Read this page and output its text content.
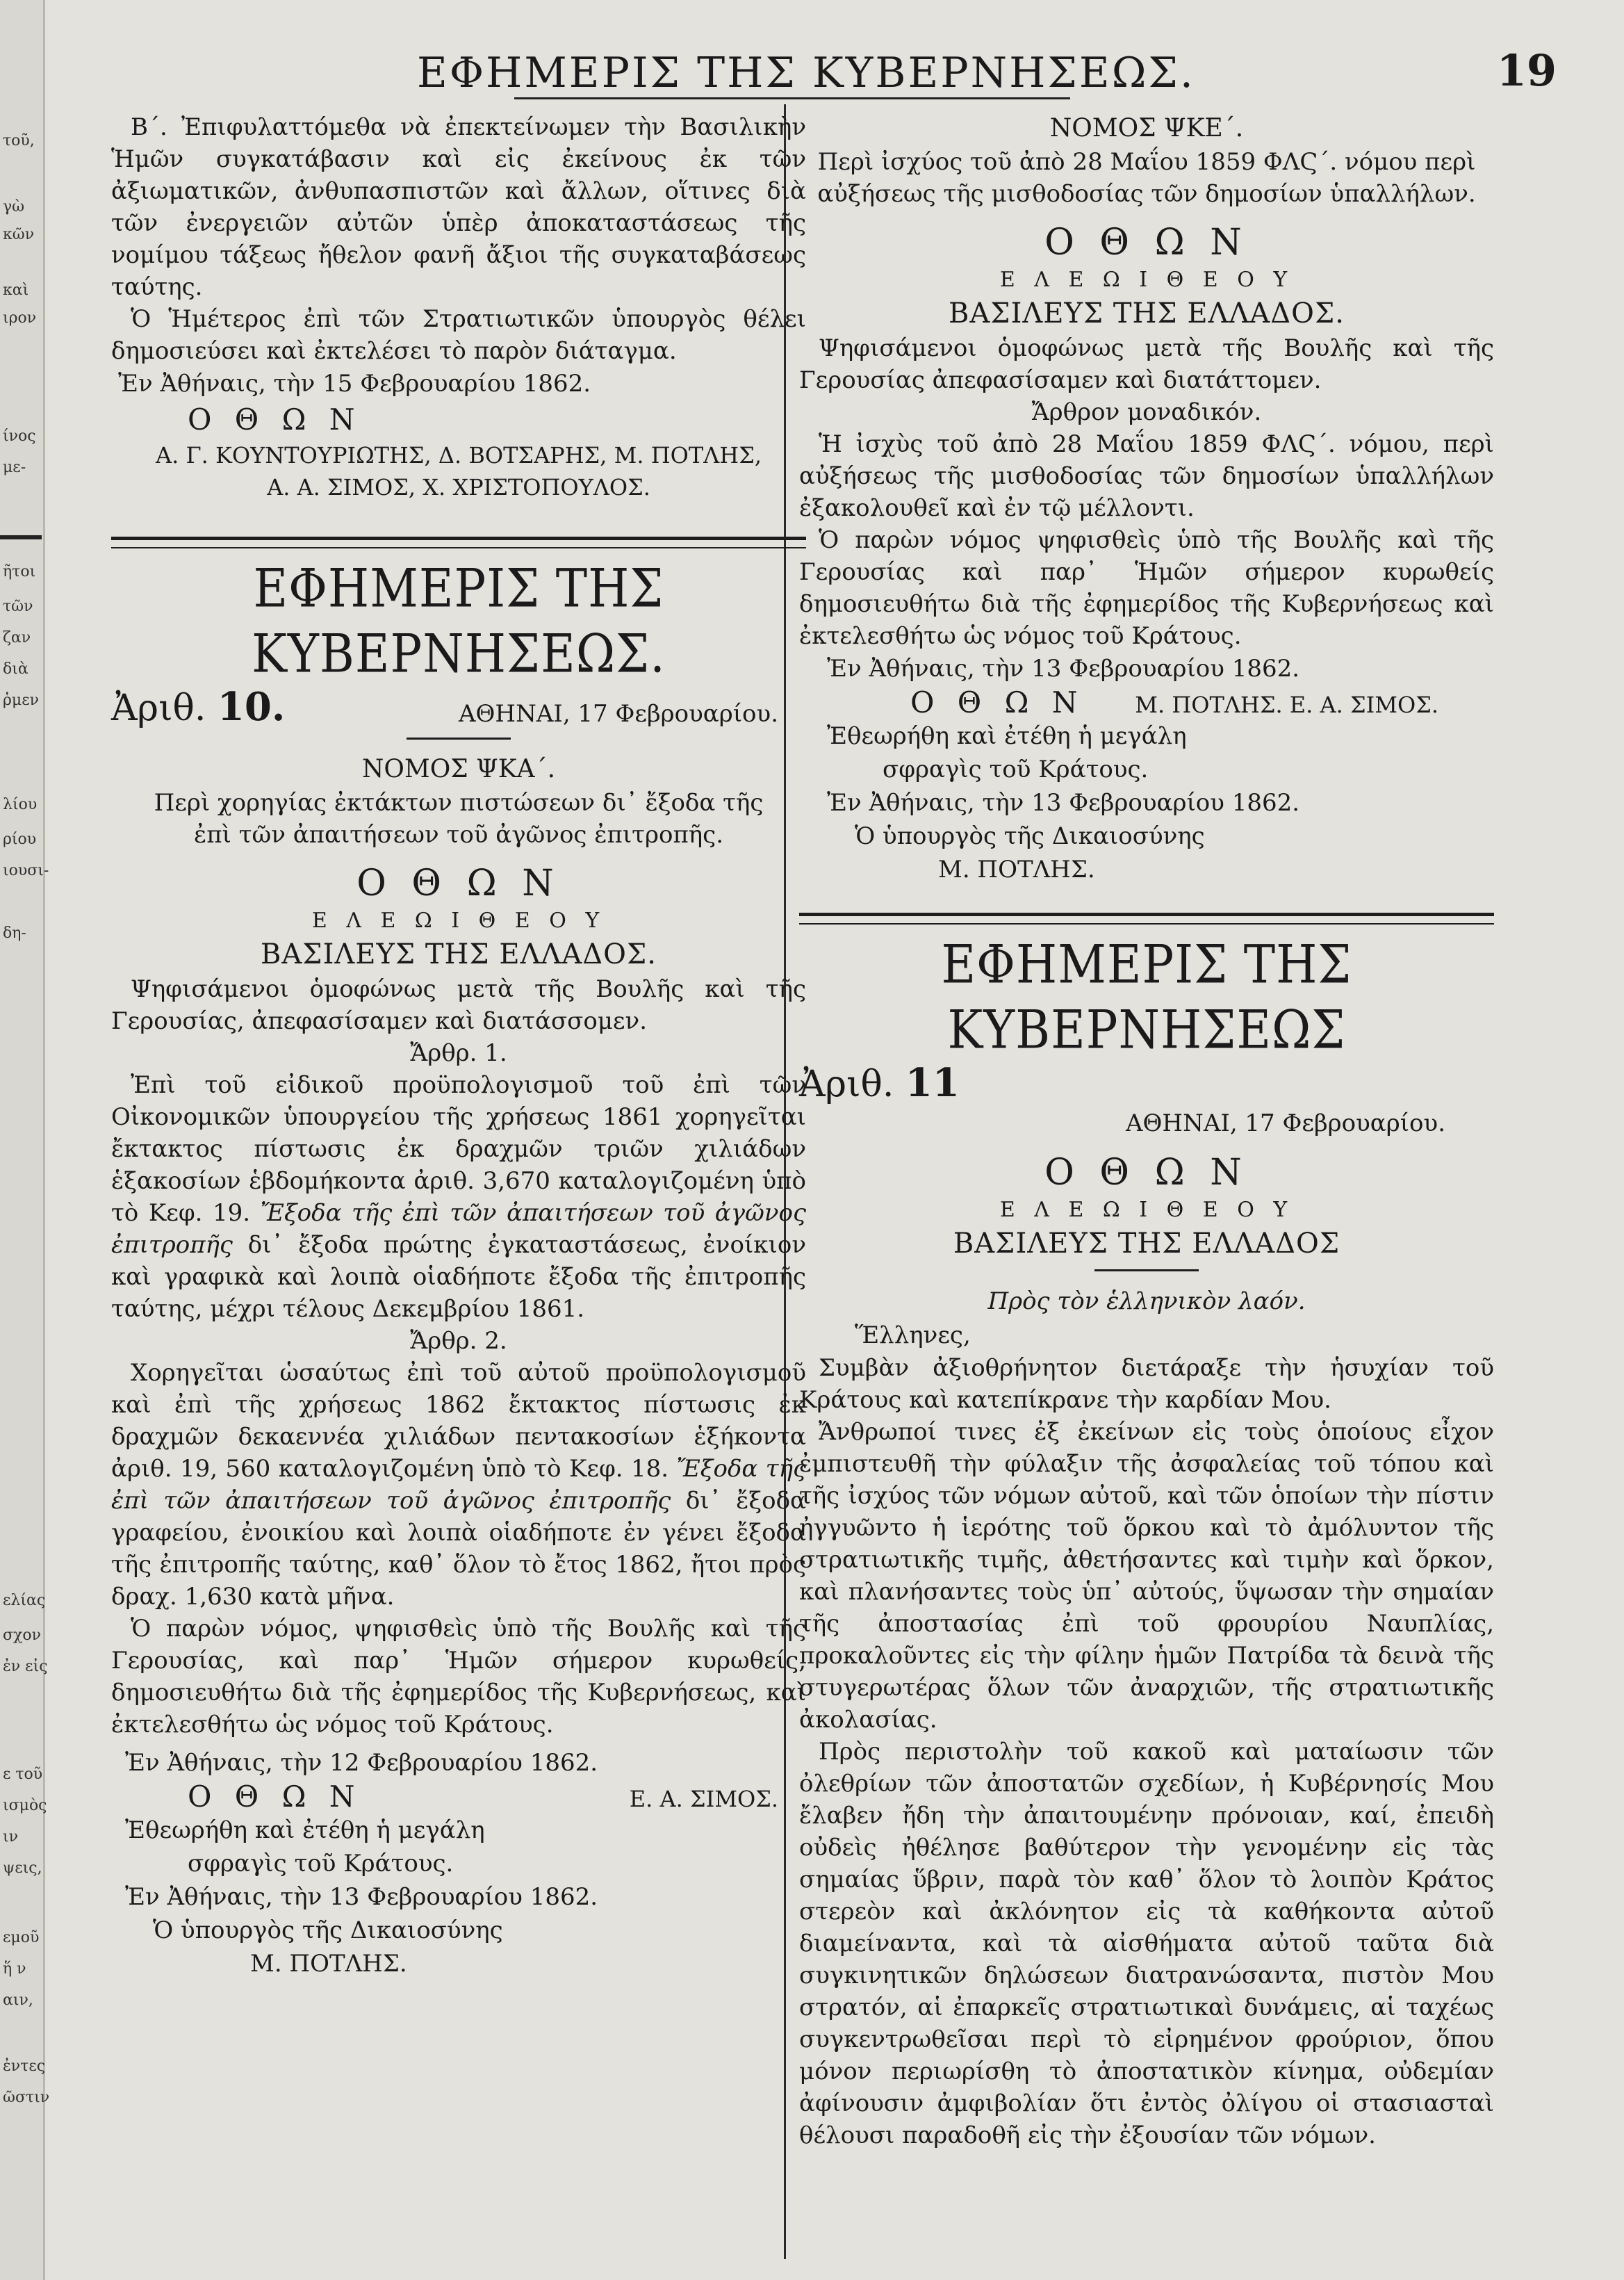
τοῦ,
γὼ
κῶν
καὶ
ιρον
ίνος
με-
ῆτοι
τῶν
ζαν
διὰ
ῥμεν
λίου
ρίου
ιουσι-
δη-
ελίας
σχον
ἐν εἰς
ε τοῦ
ισμὸς
ιν
ψεις,
εμοῦ
ἥ ν
αιν,
ἐντες
ῶστιν
ΕΦΗΜΕΡΙΣ ΤΗΣ ΚΥΒΕΡΝΗΣΕΩΣ.	19

Β΄. Ἐπιφυλαττόμεθα νὰ ἐπεκτείνωμεν τὴν Βασιλικὴν Ἡμῶν συγκατάβασιν καὶ εἰς ἐκείνους ἐκ τῶν ἀξιωματικῶν, ἀνθυπασπιστῶν καὶ ἄλλων, οἵτινες διὰ τῶν ἐνεργειῶν αὐτῶν ὑπὲρ ἀποκαταστάσεως τῆς νομίμου τάξεως ἤθελον φανῆ ἄξιοι τῆς συγκαταβάσεως ταύτης.

Ὁ Ἡμέτερος ἐπὶ τῶν Στρατιωτικῶν ὑπουργὸς θέλει δημοσιεύσει καὶ ἐκτελέσει τὸ παρὸν διάταγμα.

Ἐν Ἀθήναις, τὴν 15 Φεβρουαρίου 1862.

Ο Θ Ω Ν

Α. Γ. ΚΟΥΝΤΟΥΡΙΩΤΗΣ, Δ. ΒΟΤΣΑΡΗΣ, Μ. ΠΟΤΛΗΣ,

Α. Α. ΣΙΜΟΣ, Χ. ΧΡΙΣΤΟΠΟΥΛΟΣ.

ΕΦΗΜΕΡΙΣ ΤΗΣ ΚΥΒΕΡΝΗΣΕΩΣ.
Ἀριθ. 10.	ΑΘΗΝΑΙ, 17 Φεβρουαρίου.

ΝΟΜΟΣ ΨΚΑ΄.

Περὶ χορηγίας ἐκτάκτων πιστώσεων δι᾽ ἔξοδα τῆς ἐπὶ τῶν ἀπαιτήσεων τοῦ ἀγῶνος ἐπιτροπῆς.

Ο Θ Ω Ν

Ε Λ Ε Ω Ι Θ Ε Ο Υ

ΒΑΣΙΛΕΥΣ ΤΗΣ ΕΛΛΑΔΟΣ.

Ψηφισάμενοι ὁμοφώνως μετὰ τῆς Βουλῆς καὶ τῆς Γερουσίας, ἀπεφασίσαμεν καὶ διατάσσομεν.

Ἄρθρ. 1.

Ἐπὶ τοῦ εἰδικοῦ προϋπολογισμοῦ τοῦ ἐπὶ τῶν Οἰκονομικῶν ὑπουργείου τῆς χρήσεως 1861 χορηγεῖται ἔκτακτος πίστωσις ἐκ δραχμῶν τριῶν χιλιάδων ἑξακοσίων ἑβδομήκοντα ἀριθ. 3,670 καταλογιζομένη ὑπὸ τὸ Κεφ. 19. Ἔξοδα τῆς ἐπὶ τῶν ἀπαιτήσεων τοῦ ἀγῶνος ἐπιτροπῆς δι᾽ ἔξοδα πρώτης ἐγκαταστάσεως, ἐνοίκιον καὶ γραφικὰ καὶ λοιπὰ οἱαδήποτε ἔξοδα τῆς ἐπιτροπῆς ταύτης, μέχρι τέλους Δεκεμβρίου 1861.

Ἄρθρ. 2.

Χορηγεῖται ὡσαύτως ἐπὶ τοῦ αὐτοῦ προϋπολογισμοῦ καὶ ἐπὶ τῆς χρήσεως 1862 ἔκτακτος πίστωσις ἐκ δραχμῶν δεκαεννέα χιλιάδων πεντακοσίων ἑξήκοντα ἀριθ. 19, 560 καταλογιζομένη ὑπὸ τὸ Κεφ. 18. Ἔξοδα τῆς ἐπὶ τῶν ἀπαιτήσεων τοῦ ἀγῶνος ἐπιτροπῆς δι᾽ ἔξοδα γραφείου, ἐνοικίου καὶ λοιπὰ οἱαδήποτε ἐν γένει ἔξοδα τῆς ἐπιτροπῆς ταύτης, καθ᾽ ὅλον τὸ ἔτος 1862, ἤτοι πρὸς δραχ. 1,630 κατὰ μῆνα.

Ὁ παρὼν νόμος, ψηφισθεὶς ὑπὸ τῆς Βουλῆς καὶ τῆς Γερουσίας, καὶ παρ᾽ Ἡμῶν σήμερον κυρωθείς, δημοσιευθήτω διὰ τῆς ἐφημερίδος τῆς Κυβερνήσεως, καὶ ἐκτελεσθήτω ὡς νόμος τοῦ Κράτους.

Ἐν Ἀθήναις, τὴν 12 Φεβρουαρίου 1862.

Ο Θ Ω Ν	Ε. Α. ΣΙΜΟΣ.

Ἐθεωρήθη καὶ ἐτέθη ἡ μεγάλη

σφραγὶς τοῦ Κράτους.

Ἐν Ἀθήναις, τὴν 13 Φεβρουαρίου 1862.

Ὁ ὑπουργὸς τῆς Δικαιοσύνης

Μ. ΠΟΤΛΗΣ.

ΝΟΜΟΣ ΨΚΕ΄.

Περὶ ἰσχύος τοῦ ἀπὸ 28 Μαΐου 1859 ΦΛϚ΄. νόμου περὶ αὐξήσεως τῆς μισθοδοσίας τῶν δημοσίων ὑπαλλήλων.

Ο Θ Ω Ν

Ε Λ Ε Ω Ι Θ Ε Ο Υ

ΒΑΣΙΛΕΥΣ ΤΗΣ ΕΛΛΑΔΟΣ.

Ψηφισάμενοι ὁμοφώνως μετὰ τῆς Βουλῆς καὶ τῆς Γερουσίας ἀπεφασίσαμεν καὶ διατάττομεν.

Ἄρθρον μοναδικόν.

Ἡ ἰσχὺς τοῦ ἀπὸ 28 Μαΐου 1859 ΦΛϚ΄. νόμου, περὶ αὐξήσεως τῆς μισθοδοσίας τῶν δημοσίων ὑπαλλήλων ἐξακολουθεῖ καὶ ἐν τῷ μέλλοντι.

Ὁ παρὼν νόμος ψηφισθεὶς ὑπὸ τῆς Βουλῆς καὶ τῆς Γερουσίας καὶ παρ᾽ Ἡμῶν σήμερον κυρωθείς δημοσιευθήτω διὰ τῆς ἐφημερίδος τῆς Κυβερνήσεως καὶ ἐκτελεσθήτω ὡς νόμος τοῦ Κράτους.

Ἐν Ἀθήναις, τὴν 13 Φεβρουαρίου 1862.

Ο Θ Ω Ν Μ. ΠΟΤΛΗΣ. Ε. Α. ΣΙΜΟΣ.

Ἐθεωρήθη καὶ ἐτέθη ἡ μεγάλη

σφραγὶς τοῦ Κράτους.

Ἐν Ἀθήναις, τὴν 13 Φεβρουαρίου 1862.

Ὁ ὑπουργὸς τῆς Δικαιοσύνης

Μ. ΠΟΤΛΗΣ.

ΕΦΗΜΕΡΙΣ ΤΗΣ ΚΥΒΕΡΝΗΣΕΩΣ
Ἀριθ. 11
ΑΘΗΝΑΙ, 17 Φεβρουαρίου.

Ο Θ Ω Ν

Ε Λ Ε Ω Ι Θ Ε Ο Υ

ΒΑΣΙΛΕΥΣ ΤΗΣ ΕΛΛΑΔΟΣ

Πρὸς τὸν ἑλληνικὸν λαόν.

Ἕλληνες,

Συμβὰν ἀξιοθρήνητον διετάραξε τὴν ἡσυχίαν τοῦ Κράτους καὶ κατεπίκρανε τὴν καρδίαν Μου.

Ἄνθρωποί τινες ἐξ ἐκείνων εἰς τοὺς ὁποίους εἶχον ἐμπιστευθῆ τὴν φύλαξιν τῆς ἀσφαλείας τοῦ τόπου καὶ τῆς ἰσχύος τῶν νόμων αὐτοῦ, καὶ τῶν ὁποίων τὴν πίστιν ἠγγυῶντο ἡ ἱερότης τοῦ ὅρκου καὶ τὸ ἀμόλυντον τῆς στρατιωτικῆς τιμῆς, ἀθετήσαντες καὶ τιμὴν καὶ ὅρκον, καὶ πλανήσαντες τοὺς ὑπ᾽ αὐτούς, ὕψωσαν τὴν σημαίαν τῆς ἀποστασίας ἐπὶ τοῦ φρουρίου Ναυπλίας, προκαλοῦντες εἰς τὴν φίλην ἡμῶν Πατρίδα τὰ δεινὰ τῆς στυγερωτέρας ὅλων τῶν ἀναρχιῶν, τῆς στρατιωτικῆς ἀκολασίας.

Πρὸς περιστολὴν τοῦ κακοῦ καὶ ματαίωσιν τῶν ὀλεθρίων τῶν ἀποστατῶν σχεδίων, ἡ Κυβέρνησίς Μου ἔλαβεν ἤδη τὴν ἀπαιτουμένην πρόνοιαν, καί, ἐπειδὴ οὐδεὶς ἠθέλησε βαθύτερον τὴν γενομένην εἰς τὰς σημαίας ὕβριν, παρὰ τὸν καθ᾽ ὅλον τὸ λοιπὸν Κράτος στερεὸν καὶ ἀκλόνητον εἰς τὰ καθήκοντα αὐτοῦ διαμείναντα, καὶ τὰ αἰσθήματα αὐτοῦ ταῦτα διὰ συγκινητικῶν δηλώσεων διατρανώσαντα, πιστὸν Μου στρατόν, αἱ ἐπαρκεῖς στρατιωτικαὶ δυνάμεις, αἱ ταχέως συγκεντρωθεῖσαι περὶ τὸ εἰρημένον φρούριον, ὅπου μόνον περιωρίσθη τὸ ἀποστατικὸν κίνημα, οὐδεμίαν ἀφίνουσιν ἀμφιβολίαν ὅτι ἐντὸς ὀλίγου οἱ στασιασταὶ θέλουσι παραδοθῆ εἰς τὴν ἐξουσίαν τῶν νόμων.
